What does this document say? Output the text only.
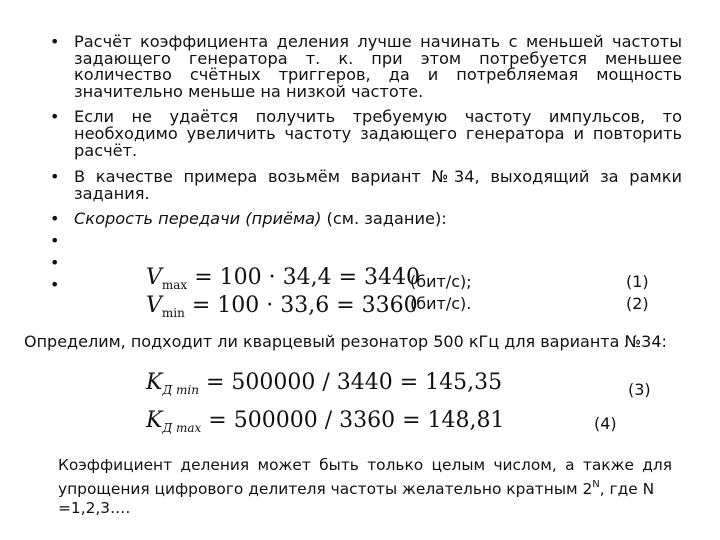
• Расчёт коэффициента деления лучше начинать с меньшей частоты задающего генератора т. к. при этом потребуется меньшее количество счётных триггеров, да и потребляемая мощность значительно меньше на низкой частоте.
• Если не удаётся получить требуемую частоту импульсов, то необходимо увеличить частоту задающего генератора и повторить расчёт.
• В качестве примера возьмём вариант №34, выходящий за рамки задания.
• Скорость передачи (приёма) (см. задание):
•
•
•	$V_{max} = 100 \cdot 34,4 = 3440$
(бит/с);	(1)
$V_{min} = 100 \cdot 33,6 = 3360$
(бит/с).	(2)
Определим, подходит ли кварцевый резонатор 500 кГц для варианта №34:
$K_{Д min} = 500000 / 3440 = 145,35$	(3)
$K_{Д max} = 500000 / 3360 = 148,81$	(4)
Коэффициент деления может быть только целым числом, а также для
упрощения цифрового делителя частоты желательно кратным $2^N$, где N =1,2,3….
